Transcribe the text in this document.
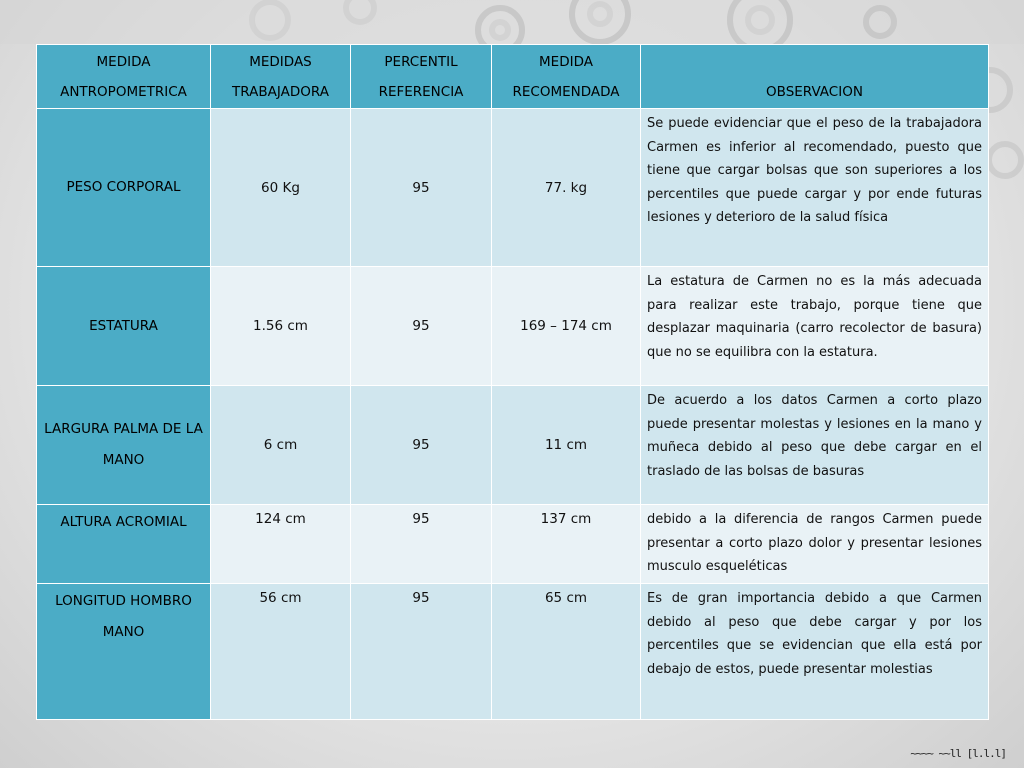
MEDIDA ANTROPOMETRICA	MEDIDAS TRABAJADORA	PERCENTIL REFERENCIA	MEDIDA RECOMENDADA	OBSERVACION
PESO CORPORAL	60 Kg	95	77. kg	Se puede evidenciar que el peso de la trabajadora Carmen es inferior al recomendado, puesto que tiene que cargar bolsas que son superiores a los percentiles que puede cargar y por ende futuras lesiones y deterioro de la salud física
ESTATURA	1.56 cm	95	169 – 174 cm	La estatura de Carmen no es la más adecuada para realizar este trabajo, porque tiene que desplazar maquinaria (carro recolector de basura) que no se equilibra con la estatura.
LARGURA PALMA DE LA MANO	6 cm	95	11 cm	De acuerdo a los datos Carmen a corto plazo puede presentar molestas y lesiones en la mano y muñeca debido al peso que debe cargar en el traslado de las bolsas de basuras
ALTURA ACROMIAL	124 cm	95	137 cm	debido a la diferencia de rangos Carmen puede presentar a corto plazo dolor y presentar lesiones musculo esqueléticas
LONGITUD HOMBRO MANO	56 cm	95	65 cm	Es de gran importancia debido a que Carmen debido al peso que debe cargar y por los percentiles que se evidencian que ella está por debajo de estos, puede presentar molestias
~~~~ ~~ll [l.l.l]
